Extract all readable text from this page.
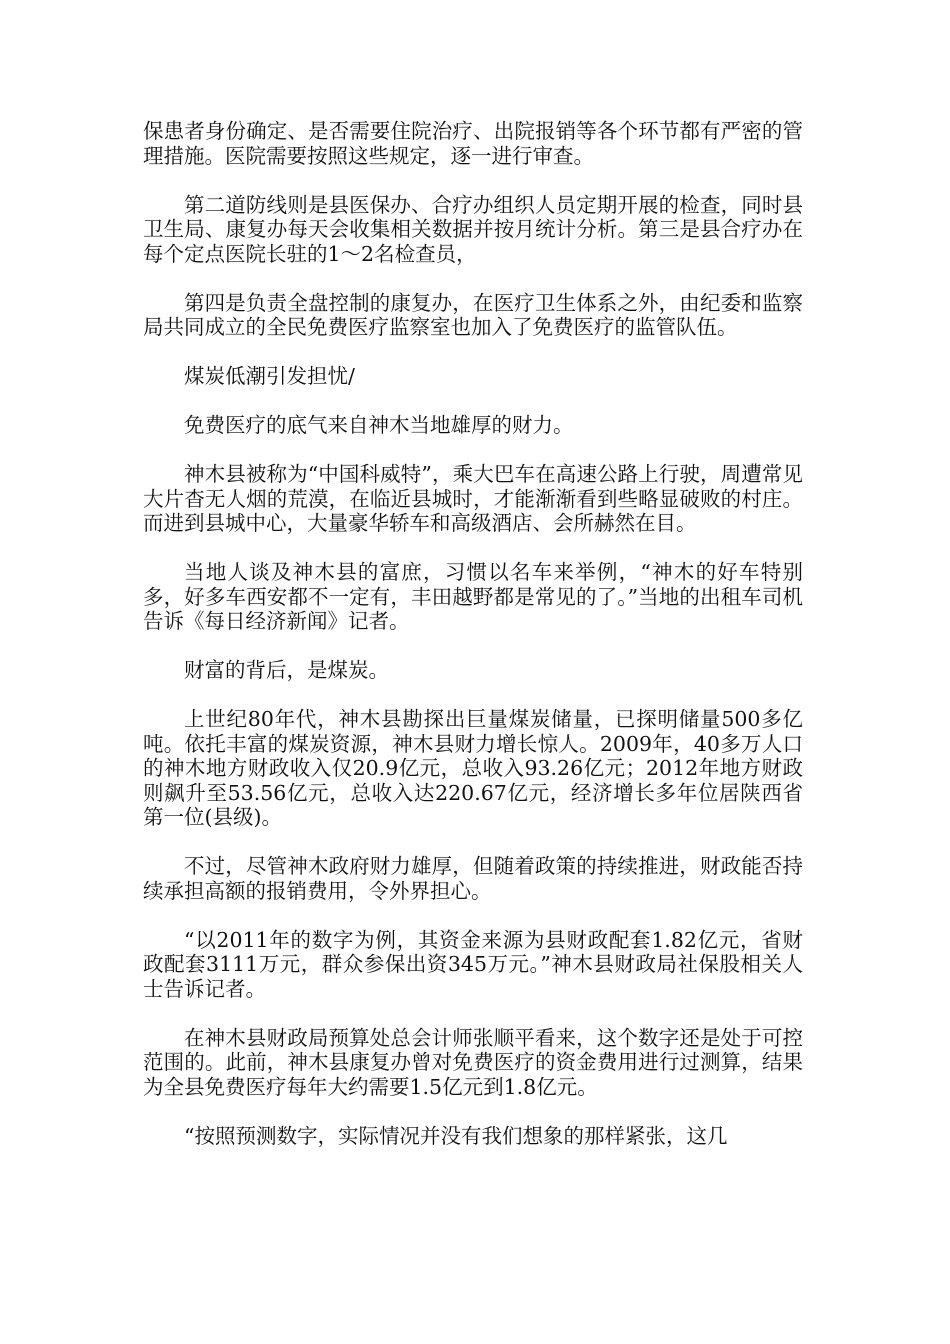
保患者身份确定、是否需要住院治疗、出院报销等各个环节都有严密的管理措施。医院需要按照这些规定，逐一进行审查。

第二道防线则是县医保办、合疗办组织人员定期开展的检查，同时县卫生局、康复办每天会收集相关数据并按月统计分析。第三是县合疗办在每个定点医院长驻的1～2名检查员，

第四是负责全盘控制的康复办，在医疗卫生体系之外，由纪委和监察局共同成立的全民免费医疗监察室也加入了免费医疗的监管队伍。

煤炭低潮引发担忧/

免费医疗的底气来自神木当地雄厚的财力。

神木县被称为“中国科威特”，乘大巴车在高速公路上行驶，周遭常见大片杳无人烟的荒漠，在临近县城时，才能渐渐看到些略显破败的村庄。而进到县城中心，大量豪华轿车和高级酒店、会所赫然在目。

当地人谈及神木县的富庶，习惯以名车来举例，“神木的好车特别多，好多车西安都不一定有，丰田越野都是常见的了。”当地的出租车司机告诉《每日经济新闻》记者。

财富的背后，是煤炭。

上世纪80年代，神木县勘探出巨量煤炭储量，已探明储量500多亿吨。依托丰富的煤炭资源，神木县财力增长惊人。2009年，40多万人口的神木地方财政收入仅20.9亿元，总收入93.26亿元；2012年地方财政则飙升至53.56亿元，总收入达220.67亿元，经济增长多年位居陕西省第一位(县级)。

不过，尽管神木政府财力雄厚，但随着政策的持续推进，财政能否持续承担高额的报销费用，令外界担心。

“以2011年的数字为例，其资金来源为县财政配套1.82亿元，省财政配套3111万元，群众参保出资345万元。”神木县财政局社保股相关人士告诉记者。

在神木县财政局预算处总会计师张顺平看来，这个数字还是处于可控范围的。此前，神木县康复办曾对免费医疗的资金费用进行过测算，结果为全县免费医疗每年大约需要1.5亿元到1.8亿元。

“按照预测数字，实际情况并没有我们想象的那样紧张，这几
